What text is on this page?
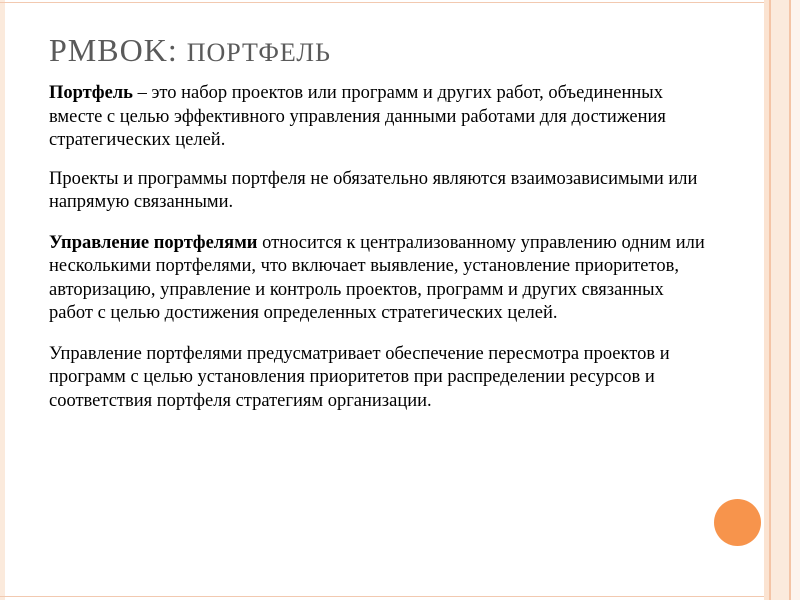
PMBOK: ПОРТФЕЛЬ

Портфель – это набор проектов или программ и других работ, объединенных вместе с целью эффективного управления данными работами для достижения стратегических целей.

Проекты и программы портфеля не обязательно являются взаимозависимыми или напрямую связанными.

Управление портфелями относится к централизованному управлению одним или несколькими портфелями, что включает выявление, установление приоритетов, авторизацию, управление и контроль проектов, программ и других связанных работ с целью достижения определенных стратегических целей.

Управление портфелями предусматривает обеспечение пересмотра проектов и программ с целью установления приоритетов при распределении ресурсов и соответствия портфеля стратегиям организации.
